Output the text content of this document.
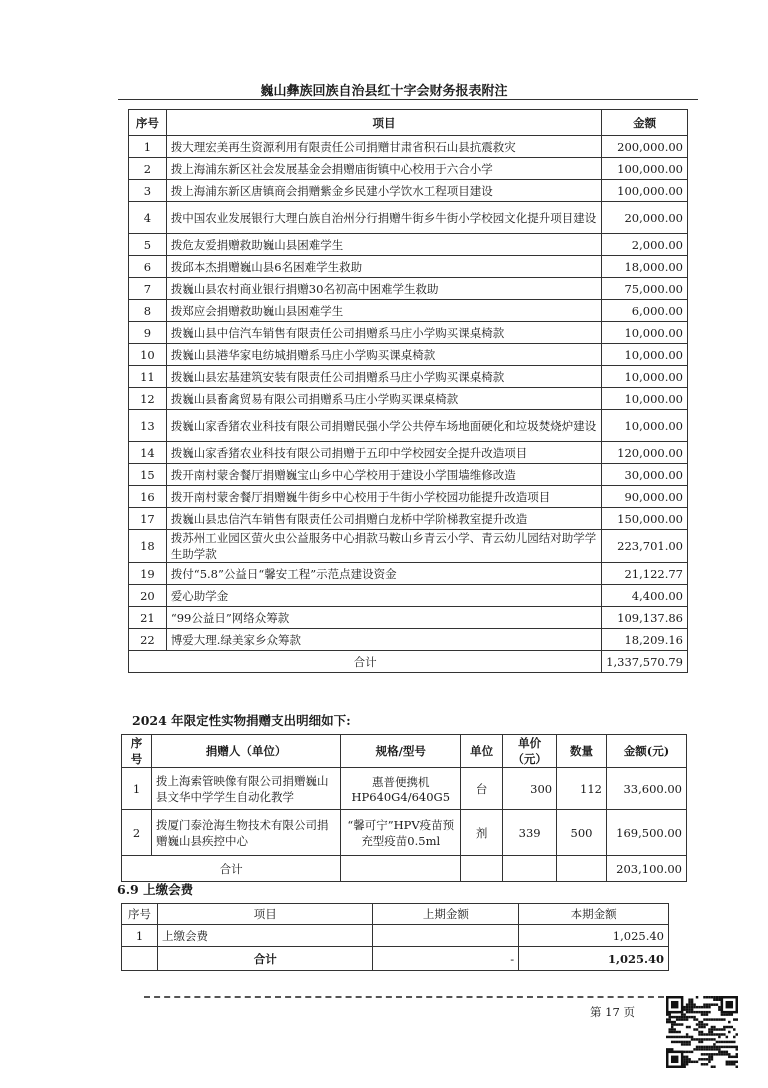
巍山彝族回族自治县红十字会财务报表附注
序号	项目	金额
1	拨大理宏美再生资源利用有限责任公司捐赠甘肃省积石山县抗震救灾	200,000.00
2	拨上海浦东新区社会发展基金会捐赠庙街镇中心校用于六合小学	100,000.00
3	拨上海浦东新区唐镇商会捐赠紫金乡民建小学饮水工程项目建设	100,000.00
4	拨中国农业发展银行大理白族自治州分行捐赠牛街乡牛街小学校园文化提升项目建设	20,000.00
5	拨危友爱捐赠救助巍山县困难学生	2,000.00
6	拨邱本杰捐赠巍山县6名困难学生救助	18,000.00
7	拨巍山县农村商业银行捐赠30名初高中困难学生救助	75,000.00
8	拨郑应会捐赠救助巍山县困难学生	6,000.00
9	拨巍山县中信汽车销售有限责任公司捐赠系马庄小学购买课桌椅款	10,000.00
10	拨巍山县港华家电纺城捐赠系马庄小学购买课桌椅款	10,000.00
11	拨巍山县宏基建筑安装有限责任公司捐赠系马庄小学购买课桌椅款	10,000.00
12	拨巍山县畜禽贸易有限公司捐赠系马庄小学购买课桌椅款	10,000.00
13	拨巍山家香猪农业科技有限公司捐赠民强小学公共停车场地面硬化和垃圾焚烧炉建设	10,000.00
14	拨巍山家香猪农业科技有限公司捐赠于五印中学校园安全提升改造项目	120,000.00
15	拨开南村蒙舍餐厅捐赠巍宝山乡中心学校用于建设小学围墙维修改造	30,000.00
16	拨开南村蒙舍餐厅捐赠巍牛街乡中心校用于牛街小学校园功能提升改造项目	90,000.00
17	拨巍山县忠信汽车销售有限责任公司捐赠白龙桥中学阶梯教室提升改造	150,000.00
18	拨苏州工业园区萤火虫公益服务中心捐款马鞍山乡青云小学、青云幼儿园结对助学学生助学款	223,701.00
19	拨付“5.8”公益日“馨安工程”示范点建设资金	21,122.77
20	爱心助学金	4,400.00
21	“99公益日”网络众筹款	109,137.86
22	博爱大理.绿美家乡众筹款	18,209.16
合计		1,337,570.79
2024 年限定性实物捐赠支出明细如下:
序号	捐赠人（单位）	规格/型号	单位	单价（元）	数量	金额(元)
1	拨上海索管映像有限公司捐赠巍山县文华中学学生自动化教学	惠普便携机 HP640G4/640G5	台	300	112	33,600.00
2	拨厦门泰沧海生物技术有限公司捐赠巍山县疾控中心	“馨可宁”HPV疫苗预充型疫苗0.5ml	剂	339	500	169,500.00
合计						203,100.00
6.9 上缴会费
序号	项目	上期金额	本期金额
1	上缴会费		1,025.40
	合计	-	1,025.40
第 17 页
